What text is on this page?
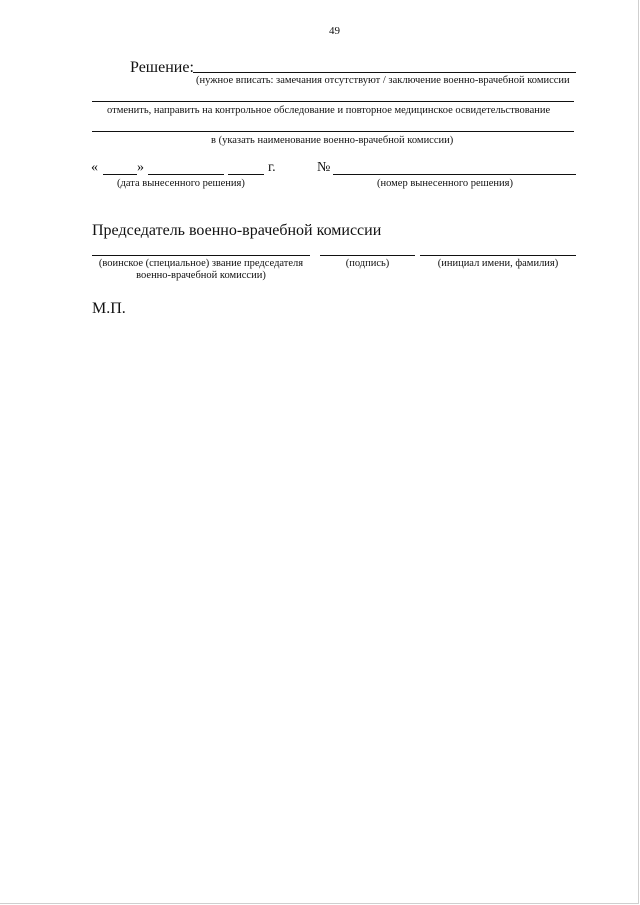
49
Решение:
(нужное вписать: замечания отсутствуют / заключение военно-врачебной комиссии
отменить, направить на контрольное обследование и повторное медицинское освидетельствование
в (указать наименование военно-врачебной комиссии)
«	»	г.	№
(дата вынесенного решения)	(номер вынесенного решения)
Председатель военно-врачебной комиссии
(воинское (специальное) звание председателя
военно-врачебной комиссии)
(подпись)	(инициал имени, фамилия)
М.П.
